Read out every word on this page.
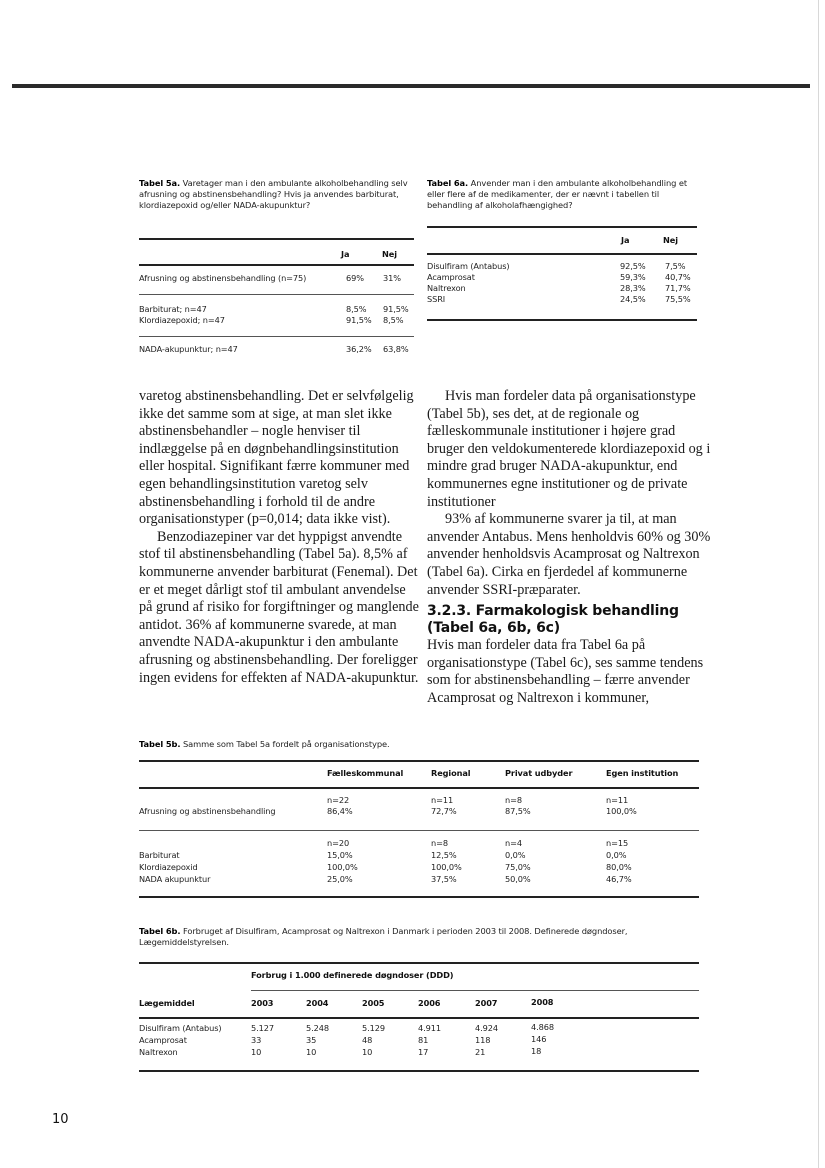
Tabel 5a. Varetager man i den ambulante alkoholbehandling selv afrusning og abstinensbehandling? Hvis ja anvendes barbiturat, klordiazepoxid og/eller NADA-akupunktur?
Ja	Nej
Afrusning og abstinensbehandling (n=75)	69% 31%
Barbiturat; n=47	8,5% 91,5%
Klordiazepoxid; n=47	91,5% 8,5%
NADA-akupunktur; n=47	36,2% 63,8%
Tabel 6a. Anvender man i den ambulante alkoholbehandling et eller flere af de medikamenter, der er nævnt i tabellen til behandling af alkoholafhængighed?
Ja	Nej
Disulfiram (Antabus)	92,5% 7,5%
Acamprosat	59,3% 40,7%
Naltrexon	28,3% 71,7%
SSRI	24,5% 75,5%

varetog abstinensbehandling. Det er selvfølgelig ikke det samme som at sige, at man slet ikke abstinensbehandler – nogle henviser til indlæggelse på en døgnbehandlingsinstitution eller hospital. Signifikant færre kommuner med egen behandlingsinstitution varetog selv abstinensbehandling i forhold til de andre organisationstyper (p=0,014; data ikke vist).

Benzodiazepiner var det hyppigst anvendte stof til abstinensbehandling (Tabel 5a). 8,5% af kommunerne anvender barbiturat (Fenemal). Det er et meget dårligt stof til ambulant anvendelse på grund af risiko for forgiftninger og manglende antidot. 36% af kommunerne svarede, at man anvendte NADA-akupunktur i den ambulante afrusning og abstinensbehandling. Der foreligger ingen evidens for effekten af NADA-akupunktur.

Hvis man fordeler data på organisationstype (Tabel 5b), ses det, at de regionale og fælleskommunale institutioner i højere grad bruger den veldokumenterede klordiazepoxid og i mindre grad bruger NADA-akupunktur, end kommunernes egne institutioner og de private institutioner

93% af kommunerne svarer ja til, at man anvender Antabus. Mens henholdvis 60% og 30% anvender henholdsvis Acamprosat og Naltrexon (Tabel 6a). Cirka en fjerdedel af kommunerne anvender SSRI-præparater.

3.2.3. Farmakologisk behandling (Tabel 6a, 6b, 6c)

Hvis man fordeler data fra Tabel 6a på organisationstype (Tabel 6c), ses samme tendens som for abstinensbehandling – færre anvender Acamprosat og Naltrexon i kommuner,

Tabel 5b. Samme som Tabel 5a fordelt på organisationstype.
Fælleskommunal	Regional	Privat udbyder	Egen institution
n=22	n=11	n=8	n=11
Afrusning og abstinensbehandling	86,4%	72,7%	87,5%	100,0%
n=20	n=8	n=4	n=15
Barbiturat	15,0%	12,5%	0,0%	0,0%
Klordiazepoxid	100,0%	100,0%	75,0%	80,0%
NADA akupunktur	25,0%	37,5%	50,0%	46,7%
Tabel 6b. Forbruget af Disulfiram, Acamprosat og Naltrexon i Danmark i perioden 2003 til 2008. Definerede døgndoser, Lægemiddelstyrelsen.
Forbrug i 1.000 definerede døgndoser (DDD)
Lægemiddel	2003	2004	2005	2006	2007	2008
Disulfiram (Antabus)	5.127	5.248	5.129	4.911	4.924	4.868
Acamprosat	33	35	48	81	118	146
Naltrexon	10	10	10	17	21	18
10
